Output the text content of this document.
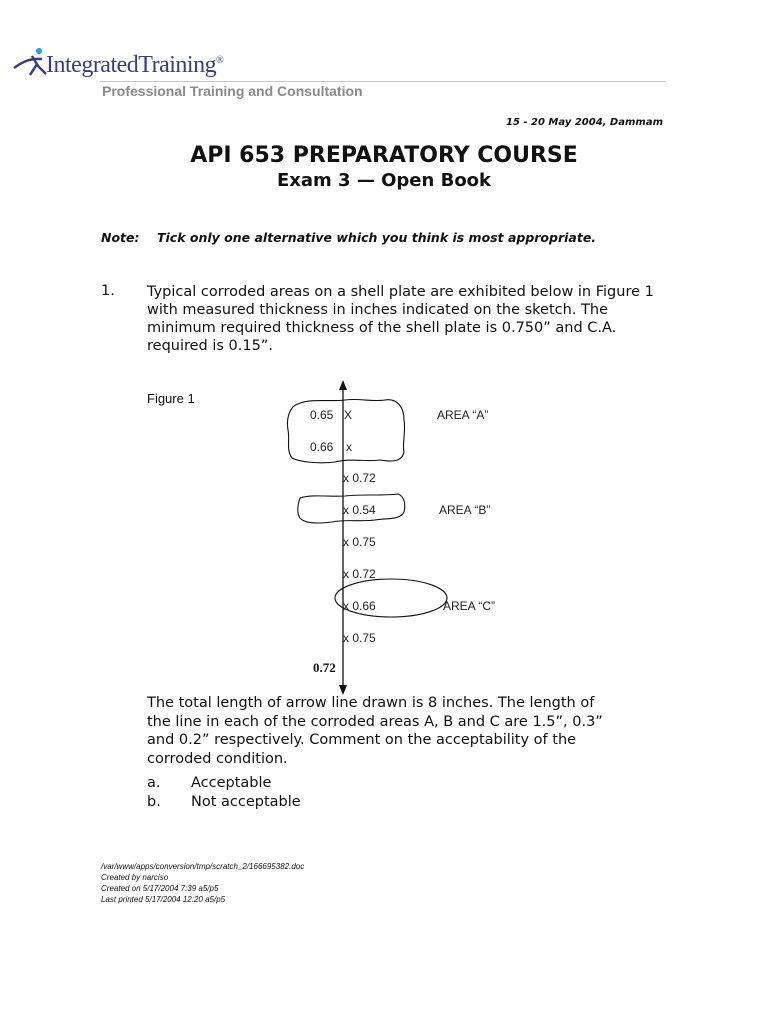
IntegratedTraining®
Professional Training and Consultation
15 - 20 May 2004, Dammam
API 653 PREPARATORY COURSE
Exam 3 — Open Book
Note: Tick only one alternative which you think is most appropriate.
1. Typical corroded areas on a shell plate are exhibited below in Figure 1 with measured thickness in inches indicated on the sketch. The minimum required thickness of the shell plate is 0.750” and C.A. required is 0.15”.
Figure 1
0.65 X
0.66 x
x 0.72
x 0.54
x 0.75
x 0.72
x 0.66
x 0.75
AREA “A”
AREA “B”
AREA “C”
0.72
The total length of arrow line drawn is 8 inches. The length of the line in each of the corroded areas A, B and C are 1.5”, 0.3” and 0.2” respectively. Comment on the acceptability of the corroded condition.
a. Acceptable
b. Not acceptable
/var/www/apps/conversion/tmp/scratch_2/166695382.doc
Created by narciso
Created on 5/17/2004 7:39 a5/p5
Last printed 5/17/2004 12:20 a5/p5
